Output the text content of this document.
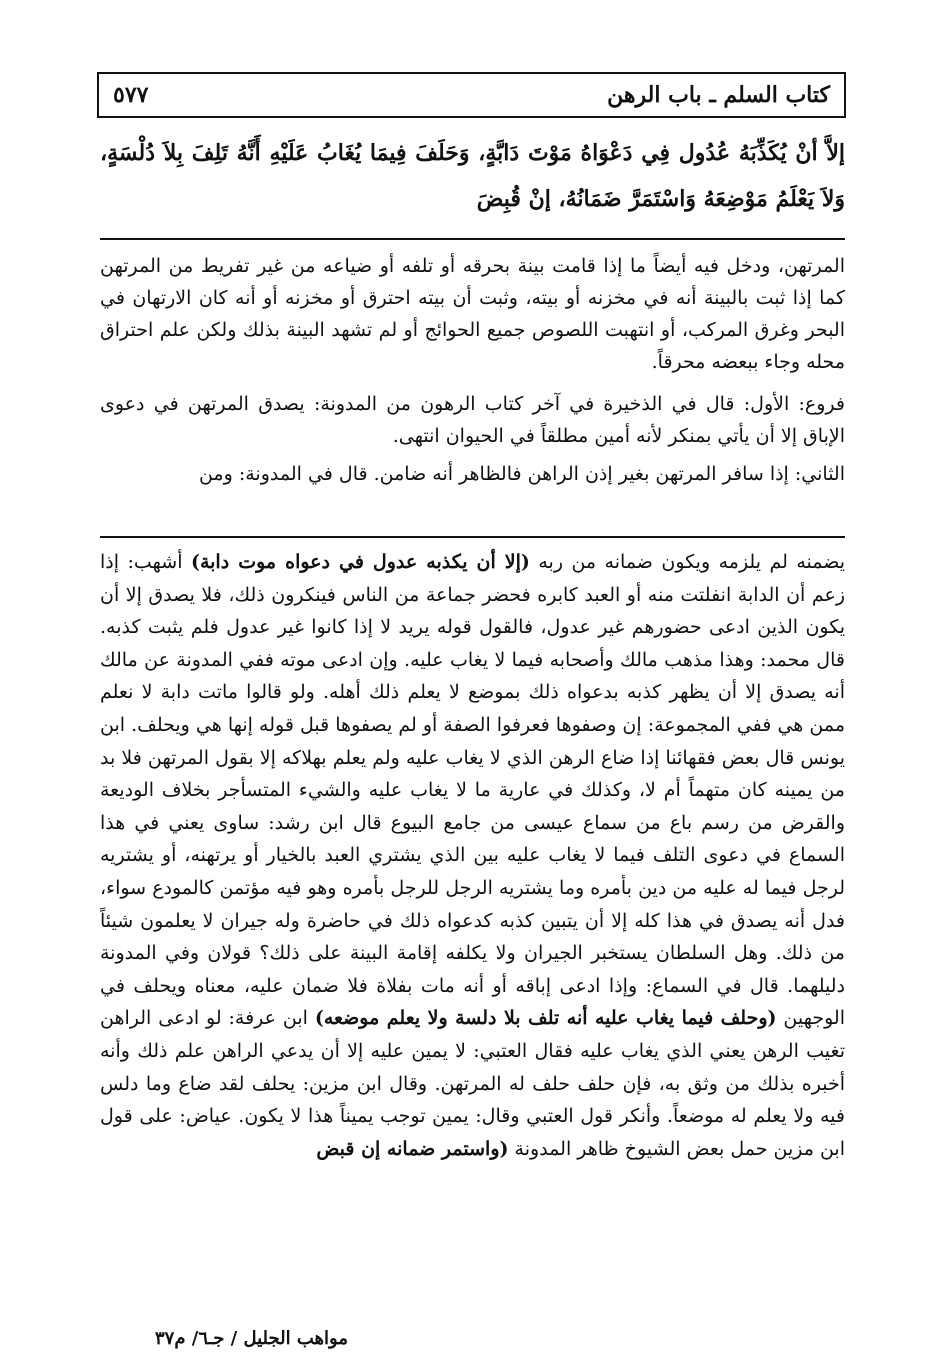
كتاب السلم ـ باب الرهن
٥٧٧
إلاَّ أنْ يُكَذِّبَهُ عُدُول فِي دَعْوَاهُ مَوْتَ دَابَّةٍ، وَحَلَفَ فِيمَا يُغَابُ عَلَيْهِ أَنَّهُ تَلِفَ بِلاَ دُلْسَةٍ، وَلاَ يَعْلَمُ مَوْضِعَهُ وَاسْتَمَرَّ ضَمَانُهُ، إنْ قُبِضَ

المرتهن، ودخل فيه أيضاً ما إذا قامت بينة بحرقه أو تلفه أو ضياعه من غير تفريط من المرتهن كما إذا ثبت بالبينة أنه في مخزنه أو بيته، وثبت أن بيته احترق أو مخزنه أو أنه كان الارتهان في البحر وغرق المركب، أو انتهبت اللصوص جميع الحوائج أو لم تشهد البينة بذلك ولكن علم احتراق محله وجاء ببعضه محرقاً.

فروع: الأول: قال في الذخيرة في آخر كتاب الرهون من المدونة: يصدق المرتهن في دعوى الإباق إلا أن يأتي بمنكر لأنه أمين مطلقاً في الحيوان انتهى.

الثاني: إذا سافر المرتهن بغير إذن الراهن فالظاهر أنه ضامن. قال في المدونة: ومن

يضمنه لم يلزمه ويكون ضمانه من ربه (إلا أن يكذبه عدول في دعواه موت دابة) أشهب: إذا زعم أن الدابة انفلتت منه أو العبد كابره فحضر جماعة من الناس فينكرون ذلك، فلا يصدق إلا أن يكون الذين ادعى حضورهم غير عدول، فالقول قوله يريد لا إذا كانوا غير عدول فلم يثبت كذبه. قال محمد: وهذا مذهب مالك وأصحابه فيما لا يغاب عليه. وإن ادعى موته ففي المدونة عن مالك أنه يصدق إلا أن يظهر كذبه بدعواه ذلك بموضع لا يعلم ذلك أهله. ولو قالوا ماتت دابة لا نعلم ممن هي ففي المجموعة: إن وصفوها فعرفوا الصفة أو لم يصفوها قبل قوله إنها هي ويحلف. ابن يونس قال بعض فقهائنا إذا ضاع الرهن الذي لا يغاب عليه ولم يعلم بهلاكه إلا بقول المرتهن فلا بد من يمينه كان متهماً أم لا، وكذلك في عارية ما لا يغاب عليه والشيء المتسأجر بخلاف الوديعة والقرض من رسم باع من سماع عيسى من جامع البيوع قال ابن رشد: ساوى يعني في هذا السماع في دعوى التلف فيما لا يغاب عليه بين الذي يشتري العبد بالخيار أو يرتهنه، أو يشتريه لرجل فيما له عليه من دين بأمره وما يشتريه الرجل للرجل بأمره وهو فيه مؤتمن كالمودع سواء، فدل أنه يصدق في هذا كله إلا أن يتبين كذبه كدعواه ذلك في حاضرة وله جيران لا يعلمون شيئاً من ذلك. وهل السلطان يستخبر الجيران ولا يكلفه إقامة البينة على ذلك؟ قولان وفي المدونة دليلهما. قال في السماع: وإذا ادعى إباقه أو أنه مات بفلاة فلا ضمان عليه، معناه ويحلف في الوجهين (وحلف فيما يغاب عليه أنه تلف بلا دلسة ولا يعلم موضعه) ابن عرفة: لو ادعى الراهن تغيب الرهن يعني الذي يغاب عليه فقال العتبي: لا يمين عليه إلا أن يدعي الراهن علم ذلك وأنه أخبره بذلك من وثق به، فإن حلف حلف له المرتهن. وقال ابن مزين: يحلف لقد ضاع وما دلس فيه ولا يعلم له موضعاً. وأنكر قول العتبي وقال: يمين توجب يميناً هذا لا يكون. عياض: على قول ابن مزين حمل بعض الشيوخ ظاهر المدونة (واستمر ضمانه إن قبض

مواهب الجليل / جـ٦/ م٣٧
